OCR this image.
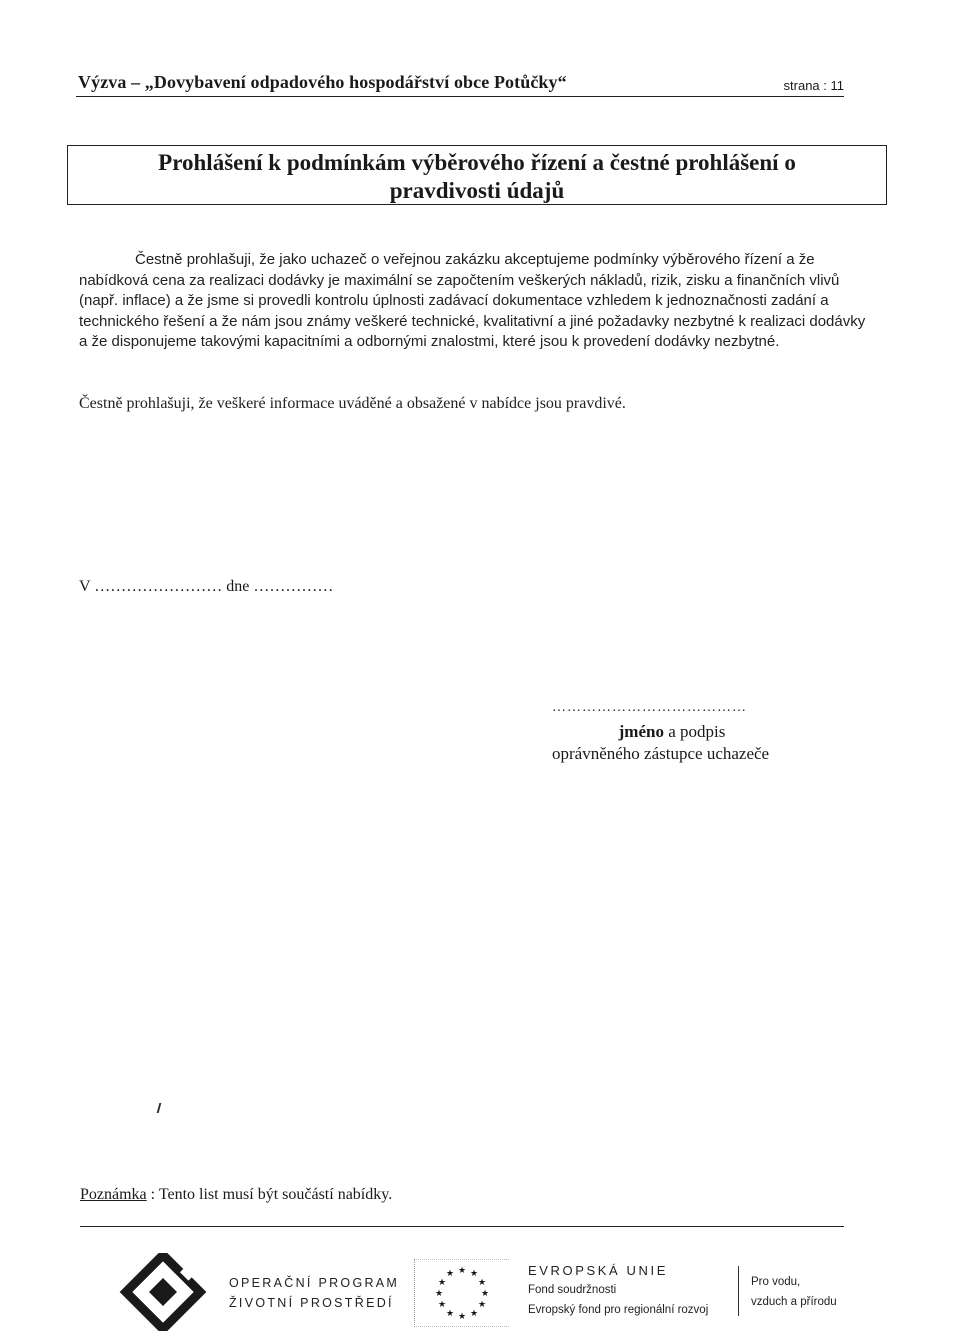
Výzva – „Dovybavení odpadového hospodářství obce Potůčky“	strana : 11
Prohlášení k podmínkám výběrového řízení a čestné prohlášení o
pravdivosti údajů
Čestně prohlašuji, že jako uchazeč o veřejnou zakázku akceptujeme podmínky výběrového řízení a že nabídková cena za realizaci dodávky je maximální se započtením veškerých nákladů, rizik, zisku a finančních vlivů (např. inflace) a že jsme si provedli kontrolu úplnosti zadávací dokumentace vzhledem k jednoznačnosti zadání a technického řešení a že nám jsou známy veškeré technické, kvalitativní a jiné požadavky nezbytné k realizaci dodávky a že disponujeme takovými kapacitními a odbornými znalostmi, které jsou k provedení dodávky nezbytné.
Čestně prohlašuji, že veškeré informace uváděné a obsažené v nabídce jsou pravdivé.
V …………………… dne ……………
…………………………………
jméno a podpis
oprávněného zástupce uchazeče
Poznámka : Tento list musí být součástí nabídky.
OPERAČNÍ PROGRAM
ŽIVOTNÍ PROSTŘEDÍ
★ ★
★
★
★
★
★
★
★
★
★
★	EVROPSKÁ UNIE
Fond soudržnosti
Evropský fond pro regionální rozvoj
Pro vodu,
vzduch a přírodu
